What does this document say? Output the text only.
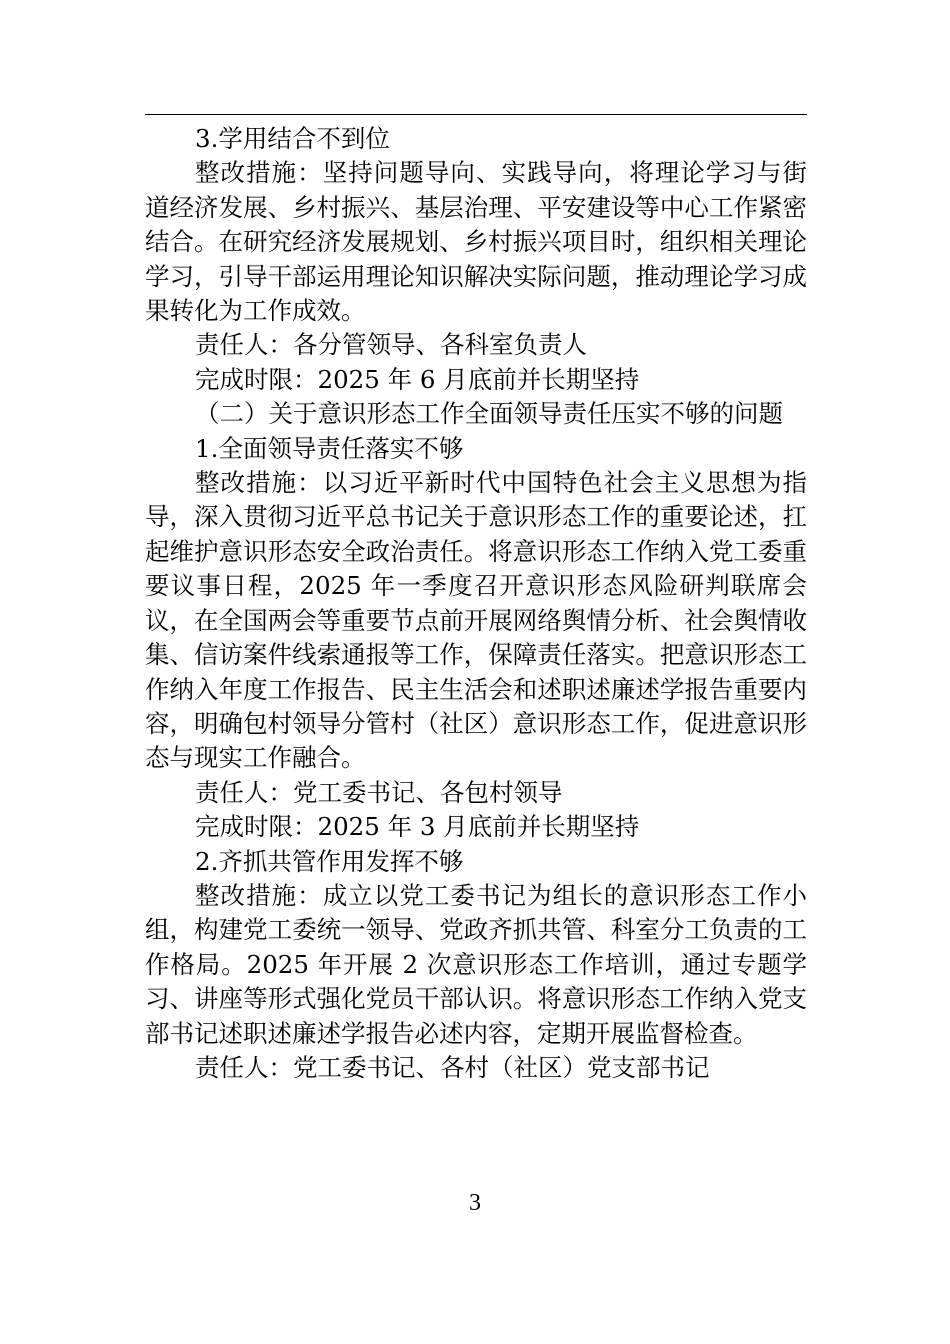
3.学用结合不到位

整改措施：坚持问题导向、实践导向，将理论学习与街道经济发展、乡村振兴、基层治理、平安建设等中心工作紧密结合。在研究经济发展规划、乡村振兴项目时，组织相关理论学习，引导干部运用理论知识解决实际问题，推动理论学习成果转化为工作成效。

责任人：各分管领导、各科室负责人

完成时限：2025 年 6 月底前并长期坚持

（二）关于意识形态工作全面领导责任压实不够的问题

1.全面领导责任落实不够

整改措施：以习近平新时代中国特色社会主义思想为指导，深入贯彻习近平总书记关于意识形态工作的重要论述，扛起维护意识形态安全政治责任。将意识形态工作纳入党工委重要议事日程，2025 年一季度召开意识形态风险研判联席会议，在全国两会等重要节点前开展网络舆情分析、社会舆情收集、信访案件线索通报等工作，保障责任落实。把意识形态工作纳入年度工作报告、民主生活会和述职述廉述学报告重要内容，明确包村领导分管村（社区）意识形态工作，促进意识形态与现实工作融合。

责任人：党工委书记、各包村领导

完成时限：2025 年 3 月底前并长期坚持

2.齐抓共管作用发挥不够

整改措施：成立以党工委书记为组长的意识形态工作小组，构建党工委统一领导、党政齐抓共管、科室分工负责的工作格局。2025 年开展 2 次意识形态工作培训，通过专题学习、讲座等形式强化党员干部认识。将意识形态工作纳入党支部书记述职述廉述学报告必述内容，定期开展监督检查。

责任人：党工委书记、各村（社区）党支部书记

3
